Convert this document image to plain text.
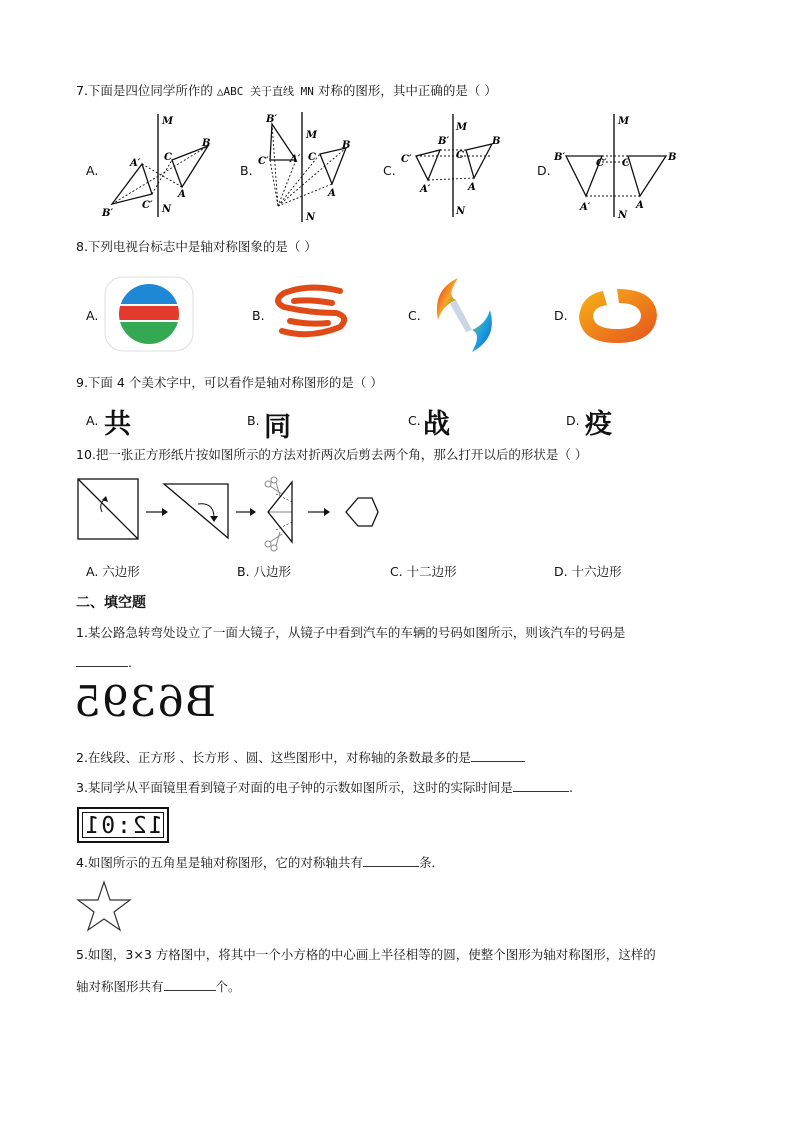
7.下面是四位同学所作的 △ABC 关于直线 MN 对称的图形，其中正确的是（ ）
A.
M
N
A′
B′
C′
C
B
A
B.
M
N
B′
C′ A′ C
B
A
C.
M
N
B′
C′
A′
C
B
A
D.
M
N
B′
C′
A′
C
B
A
8.下列电视台标志中是轴对称图象的是（ ）
A.	B.	C.	D.
9.下面 4 个美术字中，可以看作是轴对称图形的是（ ）
A. 共	B. 同	C. 战	D. 疫
10.把一张正方形纸片按如图所示的方法对折两次后剪去两个角，那么打开以后的形状是（ ）
A. 六边形	B. 八边形	C. 十二边形	D. 十六边形
二、填空题
1.某公路急转弯处设立了一面大镜子，从镜子中看到汽车的车辆的号码如图所示，则该汽车的号码是
.
B6395
2.在线段、正方形 、长方形 、圆、这些图形中，对称轴的条数最多的是
3.某同学从平面镜里看到镜子对面的电子钟的示数如图所示，这时的实际时间是	.
12:01
4.如图所示的五角星是轴对称图形，它的对称轴共有	条．
5.如图，3×3 方格图中，将其中一个小方格的中心画上半径相等的圆，使整个图形为轴对称图形，这样的
轴对称图形共有	个。
